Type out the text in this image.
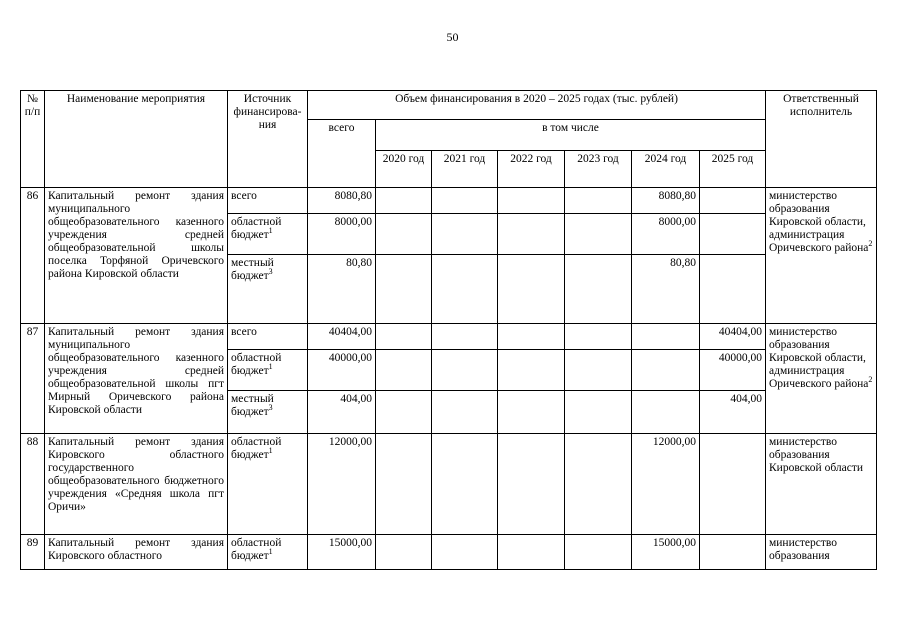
50
№ п/п	Наименование мероприятия	Источник финансирова-ния	Объем финансирования в 2020 – 2025 годах (тыс. рублей)							Ответственный исполнитель
			всего	в том числе						
				2020 год	2021 год	2022 год	2023 год	2024 год	2025 год	
86	Капитальный ремонт здания муниципального общеобразовательного казенного учреждения средней общеобразовательной школы поселка Торфяной Оричевского района Кировской области	всего	8080,80					8080,80		министерство образования Кировской области, администрация Оричевского района$^2$
		областной бюджет$^1$	8000,00					8000,00		
		местный бюджет$^3$	80,80					80,80		
87	Капитальный ремонт здания муниципального общеобразовательного казенного учреждения средней общеобразовательной школы пгт Мирный Оричевского района Кировской области	всего	40404,00						40404,00	министерство образования Кировской области, администрация Оричевского района$^2$
		областной бюджет$^1$	40000,00						40000,00	
		местный бюджет$^3$	404,00						404,00	
88	Капитальный ремонт здания Кировского областного государственного общеобразовательного бюджетного учреждения «Средняя школа пгт Оричи»	областной бюджет$^1$	12000,00					12000,00		министерство образования Кировской области
89	Капитальный ремонт здания Кировского областного	областной бюджет$^1$	15000,00					15000,00		министерство образования
